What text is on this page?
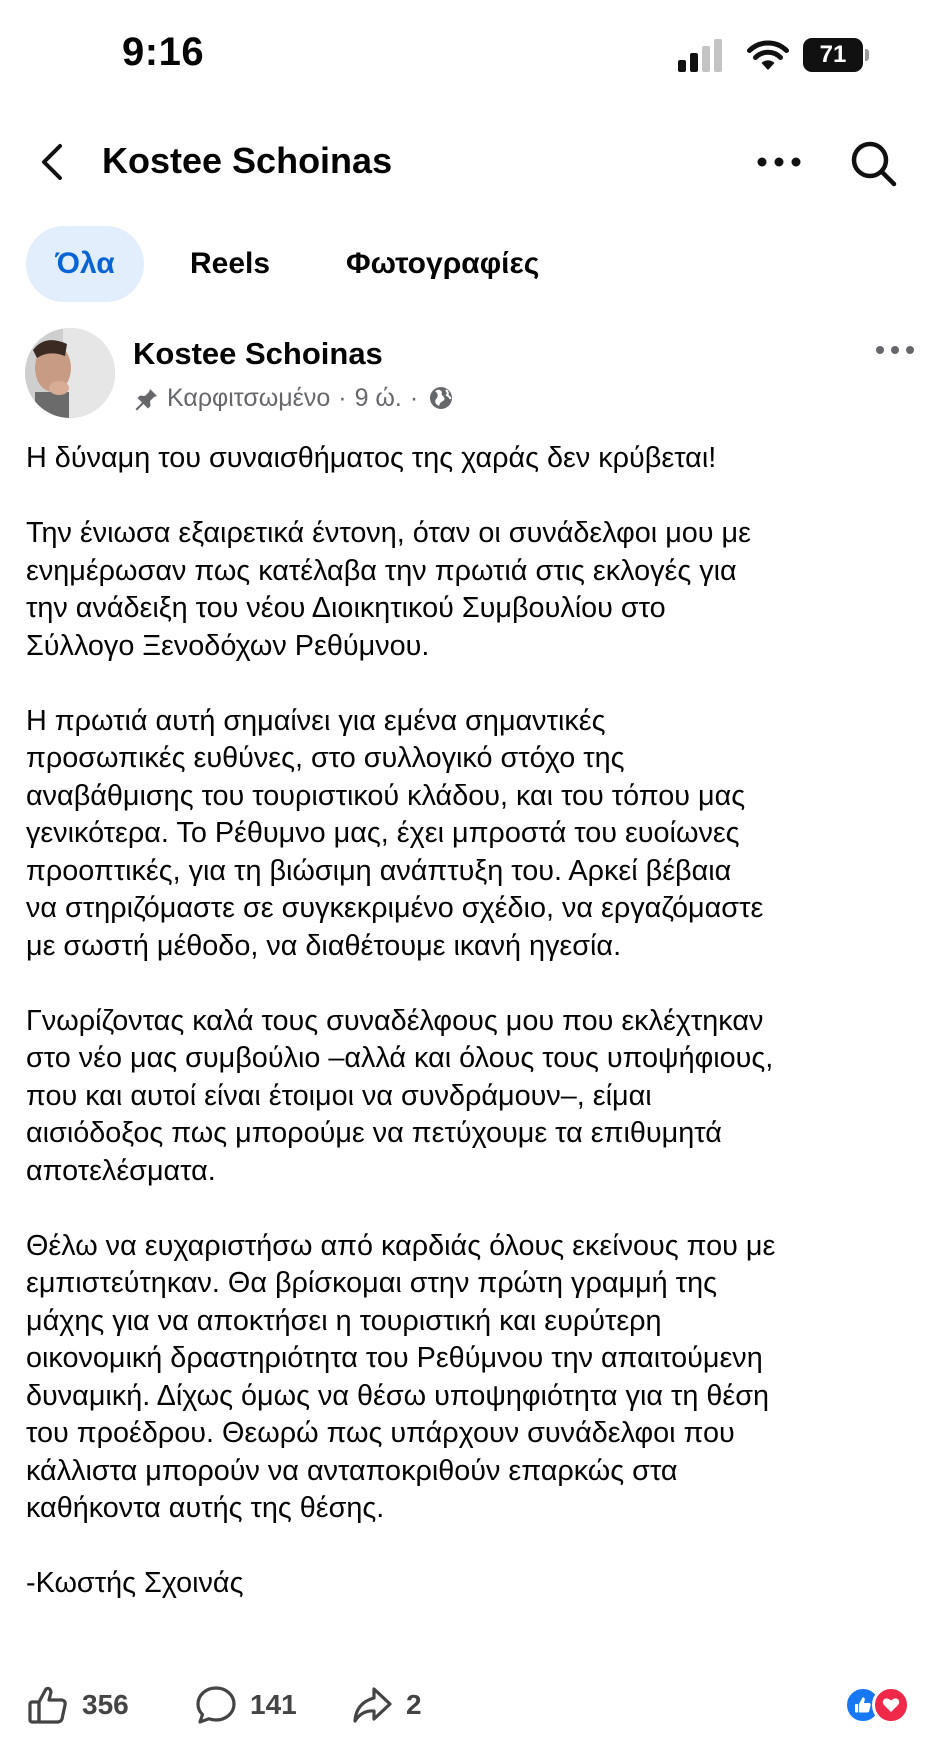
9:16	71
Kostee Schoinas
Όλα	Reels	Φωτογραφίες
Kostee Schoinas
Καρφιτσωμένο · 9 ώ. ·

Η δύναμη του συναισθήματος της χαράς δεν κρύβεται!

Την ένιωσα εξαιρετικά έντονη, όταν οι συνάδελφοι μου με
ενημέρωσαν πως κατέλαβα την πρωτιά στις εκλογές για
την ανάδειξη του νέου Διοικητικού Συμβουλίου στο
Σύλλογο Ξενοδόχων Ρεθύμνου.

Η πρωτιά αυτή σημαίνει για εμένα σημαντικές
προσωπικές ευθύνες, στο συλλογικό στόχο της
αναβάθμισης του τουριστικού κλάδου, και του τόπου μας
γενικότερα. Το Ρέθυμνο μας, έχει μπροστά του ευοίωνες
προοπτικές, για τη βιώσιμη ανάπτυξη του. Αρκεί βέβαια
να στηριζόμαστε σε συγκεκριμένο σχέδιο, να εργαζόμαστε
με σωστή μέθοδο, να διαθέτουμε ικανή ηγεσία.

Γνωρίζοντας καλά τους συναδέλφους μου που εκλέχτηκαν
στο νέο μας συμβούλιο –αλλά και όλους τους υποψήφιους,
που και αυτοί είναι έτοιμοι να συνδράμουν–, είμαι
αισιόδοξος πως μπορούμε να πετύχουμε τα επιθυμητά
αποτελέσματα.

Θέλω να ευχαριστήσω από καρδιάς όλους εκείνους που με
εμπιστεύτηκαν. Θα βρίσκομαι στην πρώτη γραμμή της
μάχης για να αποκτήσει η τουριστική και ευρύτερη
οικονομική δραστηριότητα του Ρεθύμνου την απαιτούμενη
δυναμική. Δίχως όμως να θέσω υποψηφιότητα για τη θέση
του προέδρου. Θεωρώ πως υπάρχουν συνάδελφοι που
κάλλιστα μπορούν να ανταποκριθούν επαρκώς στα
καθήκοντα αυτής της θέσης.

-Κωστής Σχοινάς

356	141	2
